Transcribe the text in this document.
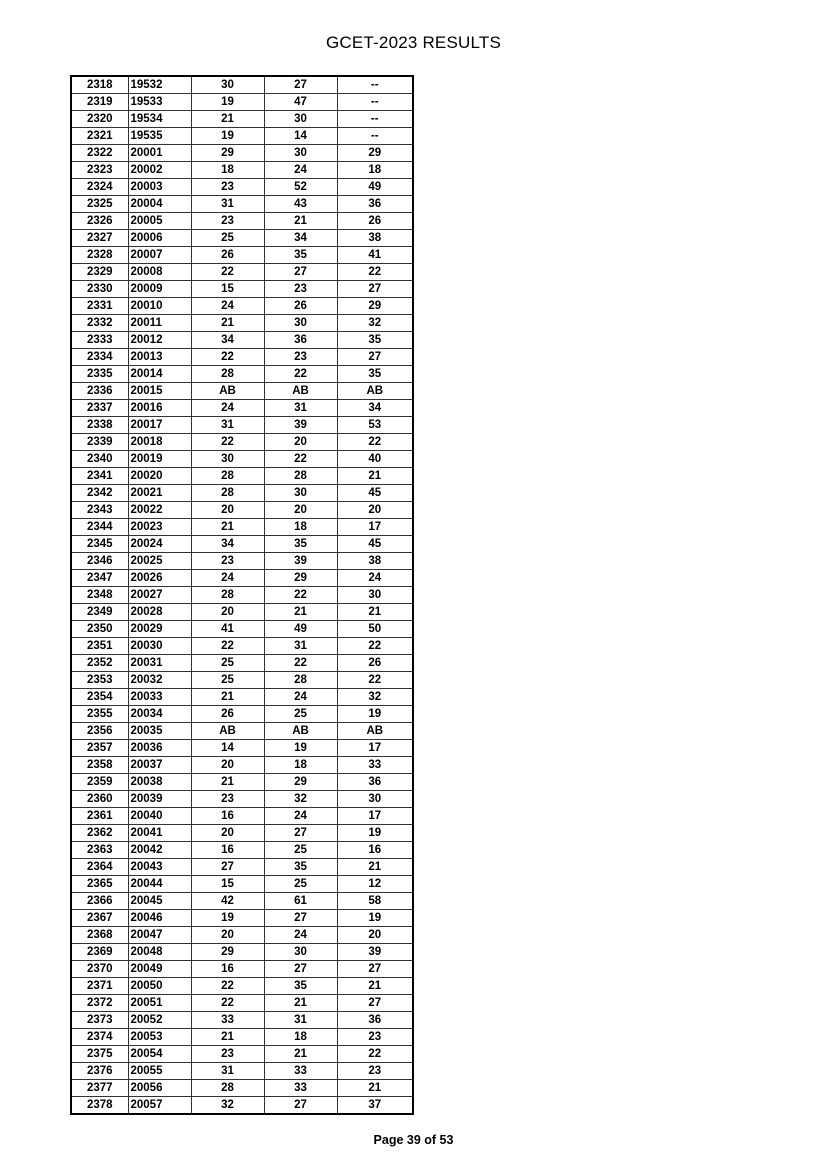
GCET-2023 RESULTS
2318	19532	30	27	--
2319	19533	19	47	--
2320	19534	21	30	--
2321	19535	19	14	--
2322	20001	29	30	29
2323	20002	18	24	18
2324	20003	23	52	49
2325	20004	31	43	36
2326	20005	23	21	26
2327	20006	25	34	38
2328	20007	26	35	41
2329	20008	22	27	22
2330	20009	15	23	27
2331	20010	24	26	29
2332	20011	21	30	32
2333	20012	34	36	35
2334	20013	22	23	27
2335	20014	28	22	35
2336	20015	AB	AB	AB
2337	20016	24	31	34
2338	20017	31	39	53
2339	20018	22	20	22
2340	20019	30	22	40
2341	20020	28	28	21
2342	20021	28	30	45
2343	20022	20	20	20
2344	20023	21	18	17
2345	20024	34	35	45
2346	20025	23	39	38
2347	20026	24	29	24
2348	20027	28	22	30
2349	20028	20	21	21
2350	20029	41	49	50
2351	20030	22	31	22
2352	20031	25	22	26
2353	20032	25	28	22
2354	20033	21	24	32
2355	20034	26	25	19
2356	20035	AB	AB	AB
2357	20036	14	19	17
2358	20037	20	18	33
2359	20038	21	29	36
2360	20039	23	32	30
2361	20040	16	24	17
2362	20041	20	27	19
2363	20042	16	25	16
2364	20043	27	35	21
2365	20044	15	25	12
2366	20045	42	61	58
2367	20046	19	27	19
2368	20047	20	24	20
2369	20048	29	30	39
2370	20049	16	27	27
2371	20050	22	35	21
2372	20051	22	21	27
2373	20052	33	31	36
2374	20053	21	18	23
2375	20054	23	21	22
2376	20055	31	33	23
2377	20056	28	33	21
2378	20057	32	27	37
Page 39 of 53
